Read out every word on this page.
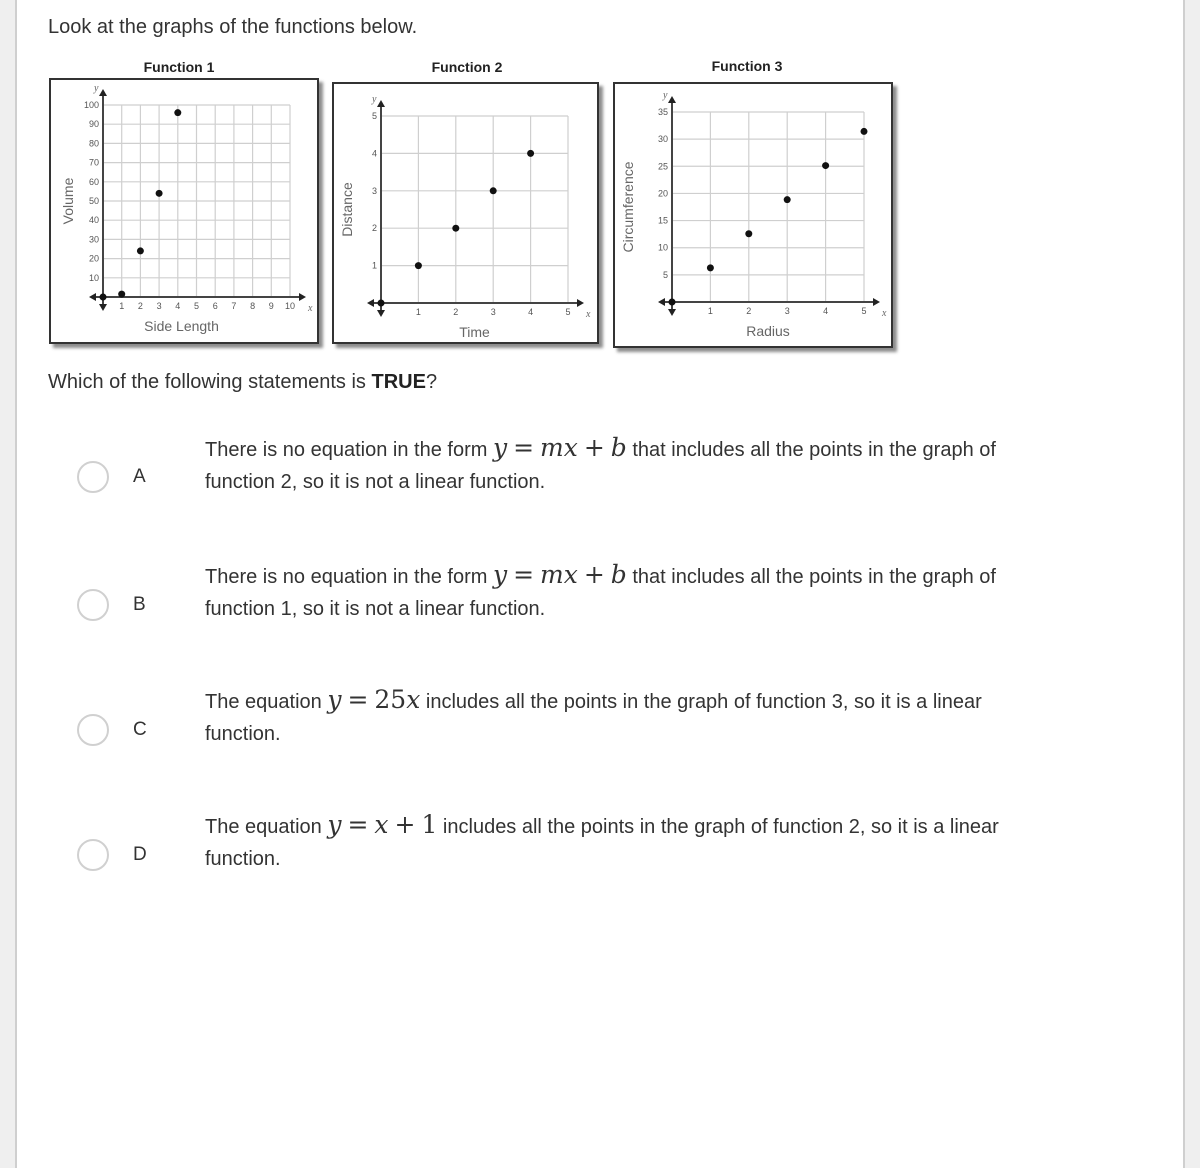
Look at the graphs of the functions below.
Function 1	Function 2	Function 3
1 2 3 4 5 6 7 8 9 10
10
20
30
40
50
60
70
80
90
100
x
y
Side Length
Volume
1	2	3	4	5
1
2
3
4
5
x
y
Time
Distance
1	2	3	4	5
5
10
15
20
25
30
35
x
y
Radius
Circumference
Which of the following statements is TRUE?
A
There is no equation in the form y = mx + b that includes all the points in the graph of
function 2, so it is not a linear function.
B
There is no equation in the form y = mx + b that includes all the points in the graph of
function 1, so it is not a linear function.
C
The equation y = 25x includes all the points in the graph of function 3, so it is a linear
function.
D
The equation y = x + 1 includes all the points in the graph of function 2, so it is a linear
function.
